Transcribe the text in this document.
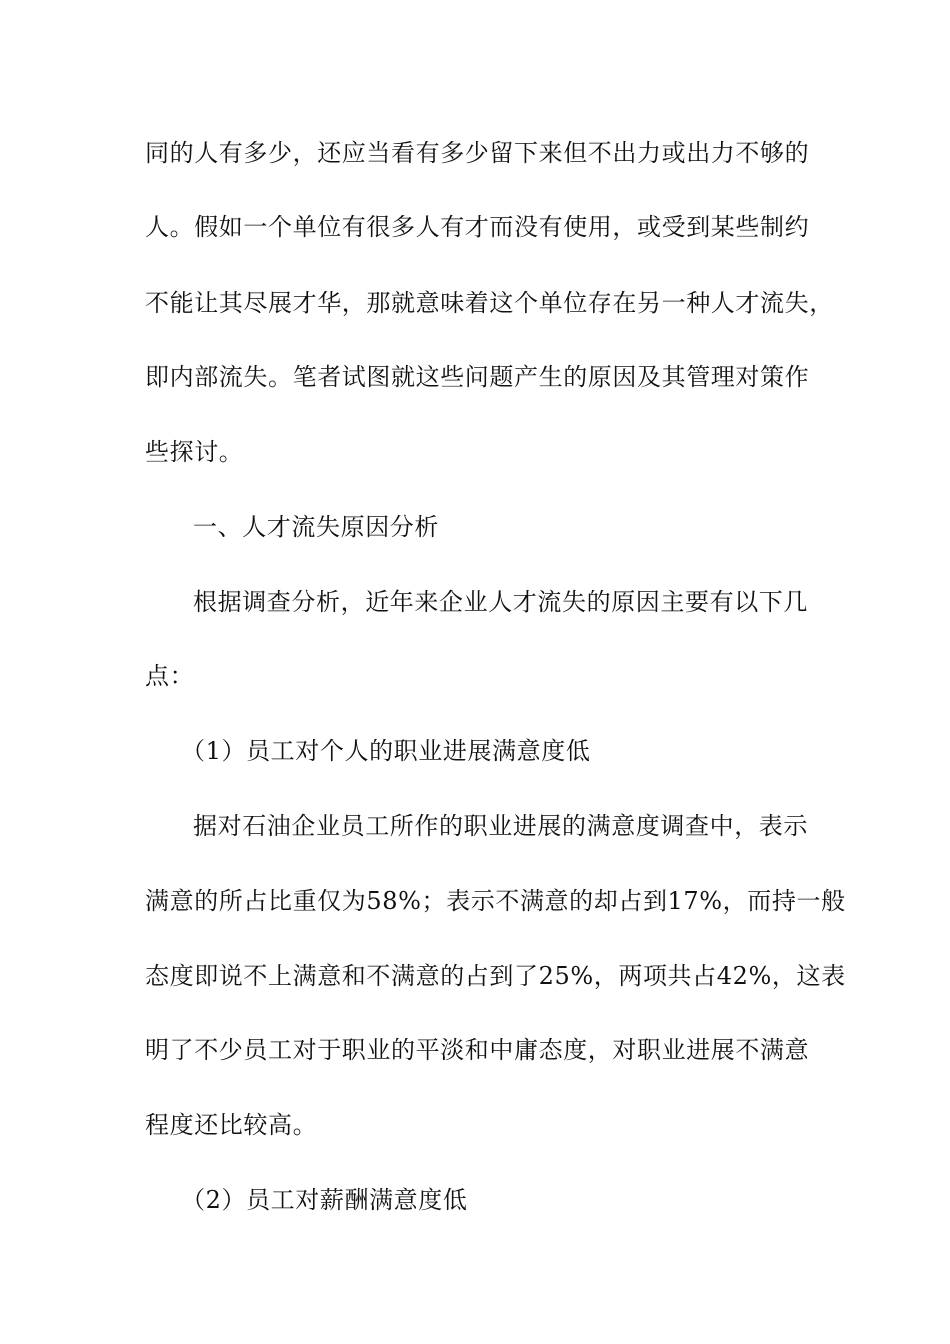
同的人有多少，还应当看有多少留下来但不出力或出力不够的
人。假如一个单位有很多人有才而没有使用，或受到某些制约
不能让其尽展才华，那就意味着这个单位存在另一种人才流失，
即内部流失。笔者试图就这些问题产生的原因及其管理对策作
些探讨。
一、人才流失原因分析
根据调查分析，近年来企业人才流失的原因主要有以下几
点：
（1）员工对个人的职业进展满意度低
据对石油企业员工所作的职业进展的满意度调查中，表示
满意的所占比重仅为58%；表示不满意的却占到17%，而持一般
态度即说不上满意和不满意的占到了25%，两项共占42%，这表
明了不少员工对于职业的平淡和中庸态度，对职业进展不满意
程度还比较高。
（2）员工对薪酬满意度低
